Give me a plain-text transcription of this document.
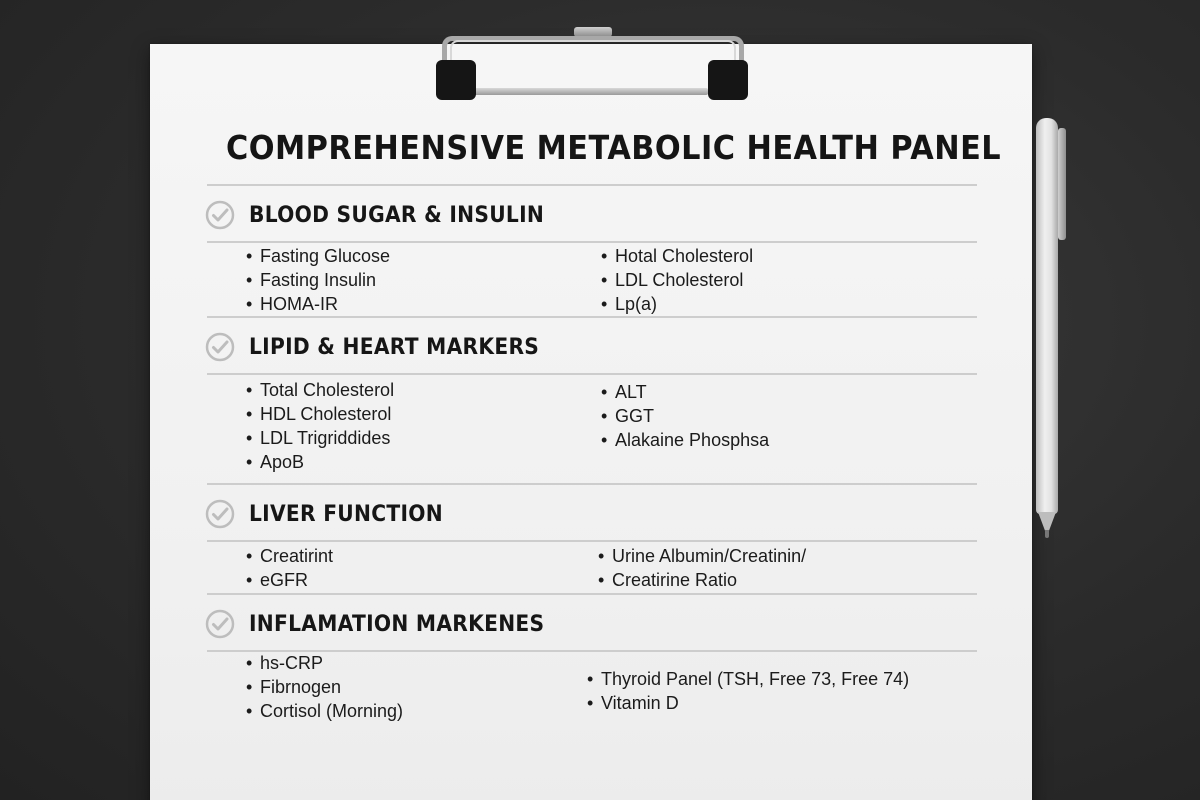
COMPREHENSIVE METABOLIC HEALTH PANEL
BLOOD SUGAR & INSULIN
• Fasting Glucose
• Fasting Insulin
• HOMA-IR
• Hotal Cholesterol
• LDL Cholesterol
• Lp(a)
LIPID & HEART MARKERS
• Total Cholesterol
• HDL Cholesterol
• LDL Trigriddides
• ApoB
• ALT
• GGT
• Alakaine Phosphsa
LIVER FUNCTION
• Creatirint
• eGFR
• Urine Albumin/Creatinin/
• Creatirine Ratio
INFLAMATION MARKENES
• hs-CRP
• Fibrnogen
• Cortisol (Morning)
• Thyroid Panel (TSH, Free 73, Free 74)
• Vitamin D
